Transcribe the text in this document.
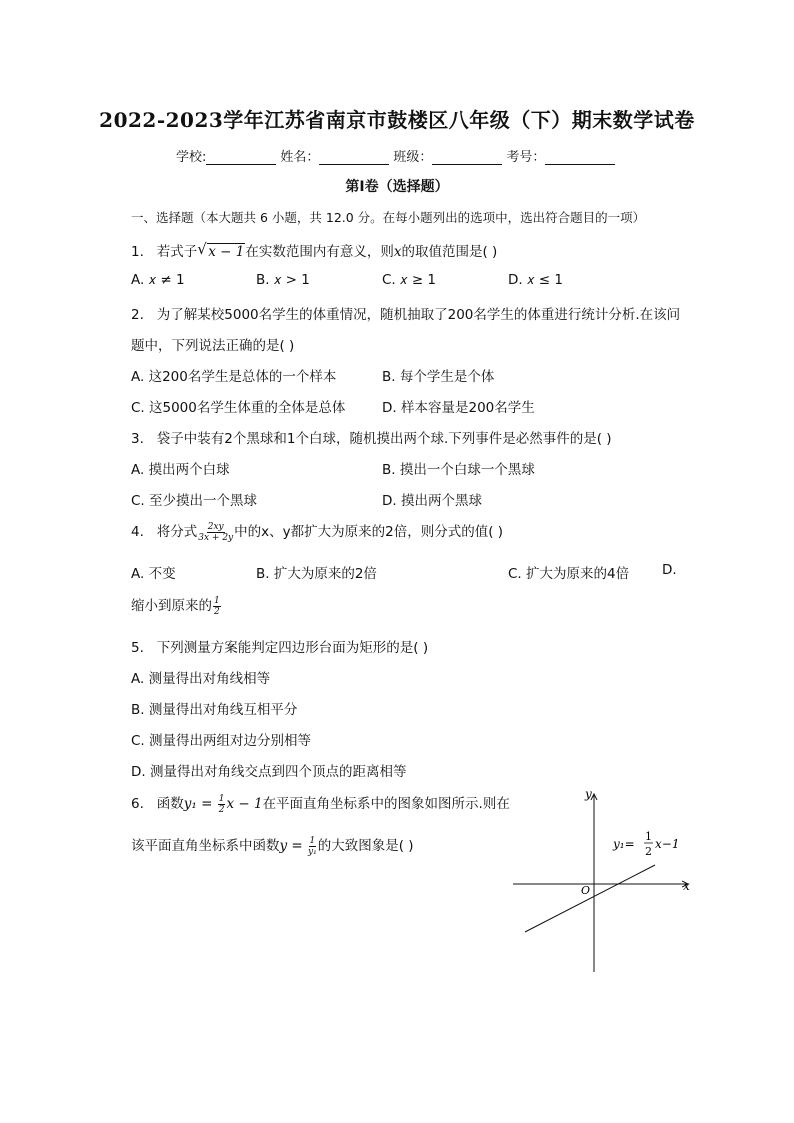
2022-2023学年江苏省南京市鼓楼区八年级（下）期末数学试卷
学校:	姓名：	班级：	考号：
第I卷（选择题）
一、选择题（本大题共 6 小题，共 12.0 分。在每小题列出的选项中，选出符合题目的一项）
1. 若式子 √ x − 1在实数范围内有意义，则x的取值范围是( )
A. 𝑥 ≠ 1	B. 𝑥 > 1	C. 𝑥 ≥ 1	D. 𝑥 ≤ 1
2. 为了解某校5000名学生的体重情况，随机抽取了200名学生的体重进行统计分析.在该问
题中，下列说法正确的是( )
A. 这200名学生是总体的一个样本	B. 每个学生是个体
C. 这5000名学生体重的全体是总体	D. 样本容量是200名学生
3. 袋子中装有2个黑球和1个白球，随机摸出两个球.下列事件是必然事件的是( )
A. 摸出两个白球	B. 摸出一个白球一个黑球
C. 至少摸出一个黑球	D. 摸出两个黑球
4. 将分式 $\frac{2xy}{3x + 2y}$ 中的x、y都扩大为原来的2倍，则分式的值( )
A. 不变	B. 扩大为原来的2倍	C. 扩大为原来的4倍 D.
缩小到原来的 $\frac{1}{2}$
5. 下列测量方案能判定四边形台面为矩形的是( )
A. 测量得出对角线相等
B. 测量得出对角线互相平分
C. 测量得出两组对边分别相等
D. 测量得出对角线交点到四个顶点的距离相等
6. 函数$y_1 = \frac{1}{2}$ x − 1在平面直角坐标系中的图象如图所示.则在
该平面直角坐标系中函数$y = \frac{1}{\text{y₁}}$ 的大致图象是( )
y
x
O
y₁=
1
2
x−1
